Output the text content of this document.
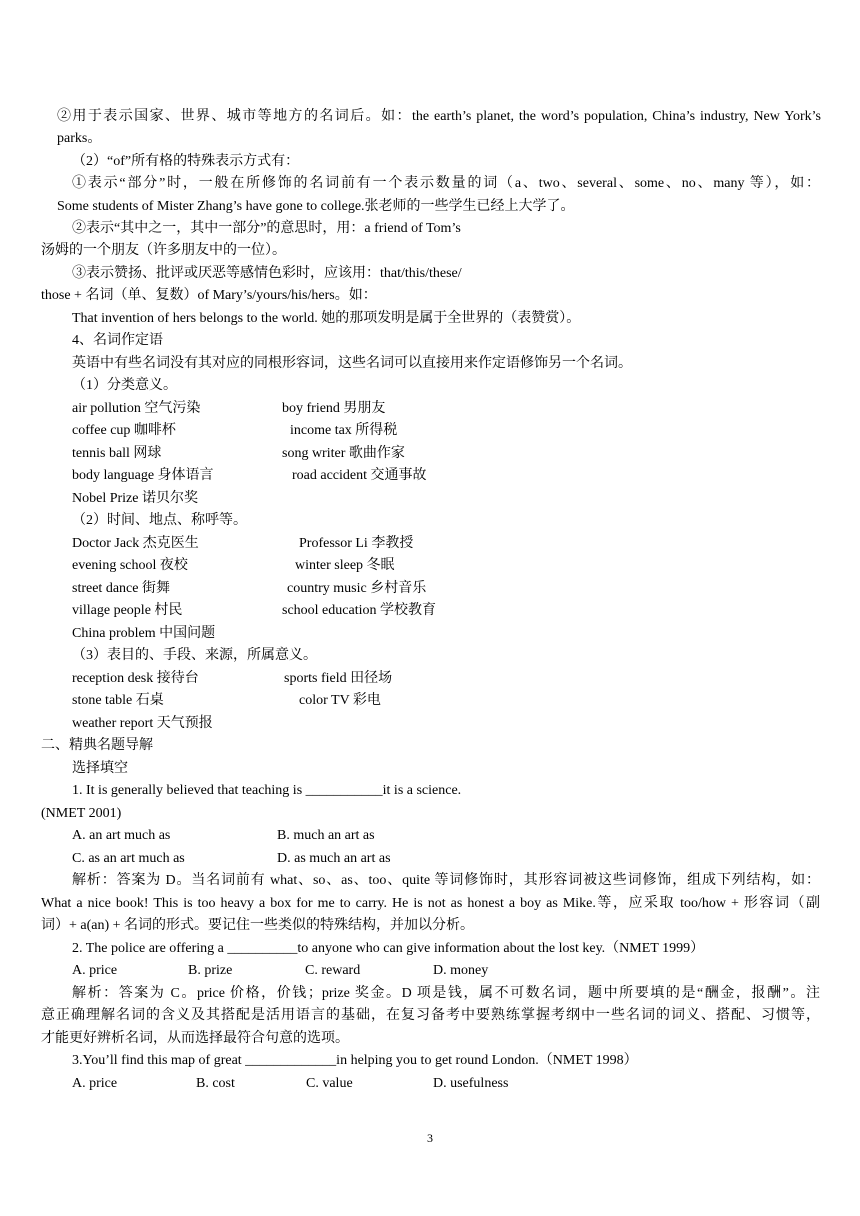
②用于表示国家、世界、城市等地方的名词后。如：the earth’s planet, the word’s population, China’s industry, New York’s
parks。
（2）“of”所有格的特殊表示方式有：
①表示“部分”时，一般在所修饰的名词前有一个表示数量的词（a、two、several、some、no、many 等），如：
Some students of Mister Zhang’s have gone to college.张老师的一些学生已经上大学了。
②表示“其中之一，其中一部分”的意思时，用：a friend of Tom’s
汤姆的一个朋友（许多朋友中的一位）。
③表示赞扬、批评或厌恶等感情色彩时，应该用：that/this/these/
those + 名词（单、复数）of Mary’s/yours/his/hers。如：
That invention of hers belongs to the world. 她的那项发明是属于全世界的（表赞赏）。
4、名词作定语
英语中有些名词没有其对应的同根形容词，这些名词可以直接用来作定语修饰另一个名词。
（1）分类意义。
air pollution 空气污染	boy friend 男朋友
coffee cup 咖啡杯	income tax 所得税
tennis ball 网球	song writer 歌曲作家
body language 身体语言	road accident 交通事故
Nobel Prize 诺贝尔奖
（2）时间、地点、称呼等。
Doctor Jack 杰克医生	Professor Li 李教授
evening school 夜校	winter sleep 冬眠
street dance 街舞	country music 乡村音乐
village people 村民	school education 学校教育
China problem 中国问题
（3）表目的、手段、来源，所属意义。
reception desk 接待台	sports field 田径场
stone table 石桌	color TV 彩电
weather report 天气预报
二、精典名题导解
选择填空
1. It is generally believed that teaching is ___________it is a science.
(NMET 2001)
A. an art much as	B. much an art as
C. as an art much as	D. as much an art as
解析：答案为 D。当名词前有 what、so、as、too、quite 等词修饰时，其形容词被这些词修饰，组成下列结构，如：
What a nice book! This is too heavy a box for me to carry. He is not as honest a boy as Mike.等，应采取 too/how + 形容词（副
词）+ a(an) + 名词的形式。要记住一些类似的特殊结构，并加以分析。
2. The police are offering a __________to anyone who can give information about the lost key.（NMET 1999）
A. price	B. prize	C. reward	D. money
解析：答案为 C。price 价格，价钱；prize 奖金。D 项是钱，属不可数名词，题中所要填的是“酬金，报酬”。注
意正确理解名词的含义及其搭配是活用语言的基础，在复习备考中要熟练掌握考纲中一些名词的词义、搭配、习惯等，
才能更好辨析名词，从而选择最符合句意的选项。
3.You’ll find this map of great _____________in helping you to get round London.（NMET 1998）
A. price	B. cost	C. value	D. usefulness
3
